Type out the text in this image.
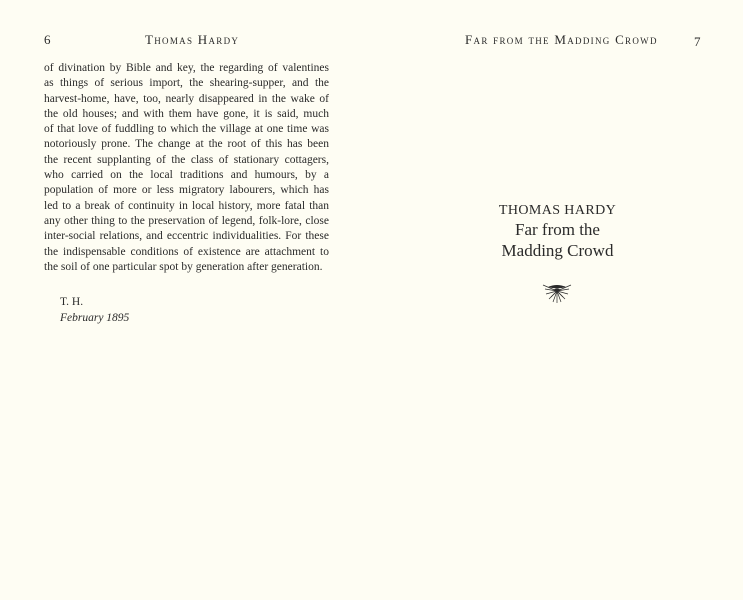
6	Thomas Hardy
of divination by Bible and key, the regarding of valentines
as things of serious import, the shearing-supper, and the
harvest-home, have, too, nearly disappeared in the wake of
the old houses; and with them have gone, it is said, much
of that love of fuddling to which the village at one time was
notoriously prone. The change at the root of this has been
the recent supplanting of the class of stationary cottagers,
who carried on the local traditions and humours, by a
population of more or less migratory labourers, which has
led to a break of continuity in local history, more fatal than
any other thing to the preservation of legend, folk-lore, close
inter-social relations, and eccentric individualities. For these
the indispensable conditions of existence are attachment to
the soil of one particular spot by generation after generation.
T. H.
February 1895
Far from the Madding Crowd	7
THOMAS HARDY
Far from the
Madding Crowd
